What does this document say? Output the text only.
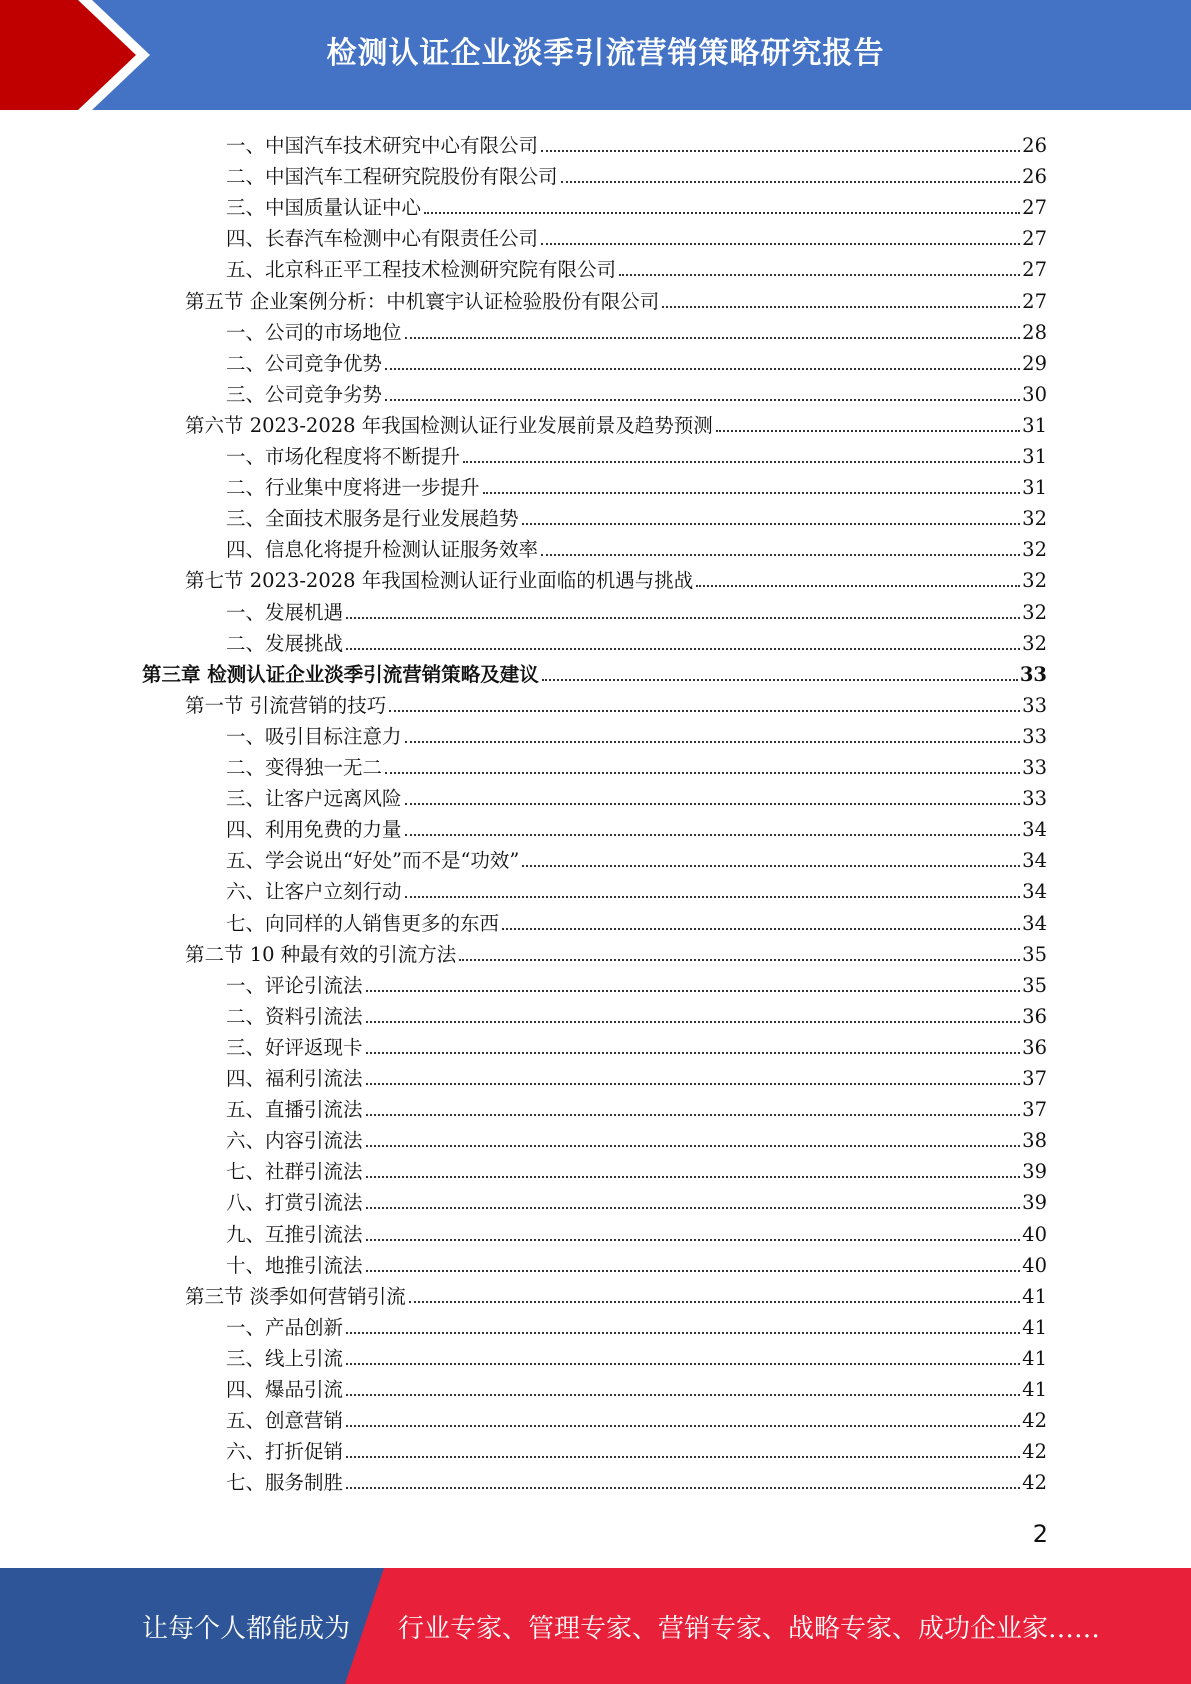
检测认证企业淡季引流营销策略研究报告
一、中国汽车技术研究中心有限公司	26
二、中国汽车工程研究院股份有限公司	26
三、中国质量认证中心	27
四、长春汽车检测中心有限责任公司	27
五、北京科正平工程技术检测研究院有限公司	27
第五节 企业案例分析：中机寰宇认证检验股份有限公司	27
一、公司的市场地位	28
二、公司竞争优势	29
三、公司竞争劣势	30
第六节 2023-2028 年我国检测认证行业发展前景及趋势预测	31
一、市场化程度将不断提升	31
二、行业集中度将进一步提升	31
三、全面技术服务是行业发展趋势	32
四、信息化将提升检测认证服务效率	32
第七节 2023-2028 年我国检测认证行业面临的机遇与挑战	32
一、发展机遇	32
二、发展挑战	32
第三章 检测认证企业淡季引流营销策略及建议	33
第一节 引流营销的技巧	33
一、吸引目标注意力	33
二、变得独一无二	33
三、让客户远离风险	33
四、利用免费的力量	34
五、学会说出“好处”而不是“功效”	34
六、让客户立刻行动	34
七、向同样的人销售更多的东西	34
第二节 10 种最有效的引流方法	35
一、评论引流法	35
二、资料引流法	36
三、好评返现卡	36
四、福利引流法	37
五、直播引流法	37
六、内容引流法	38
七、社群引流法	39
八、打赏引流法	39
九、互推引流法	40
十、地推引流法	40
第三节 淡季如何营销引流	41
一、产品创新	41
三、线上引流	41
四、爆品引流	41
五、创意营销	42
六、打折促销	42
七、服务制胜	42
2
让每个人都能成为 行业专家、管理专家、营销专家、战略专家、成功企业家……
